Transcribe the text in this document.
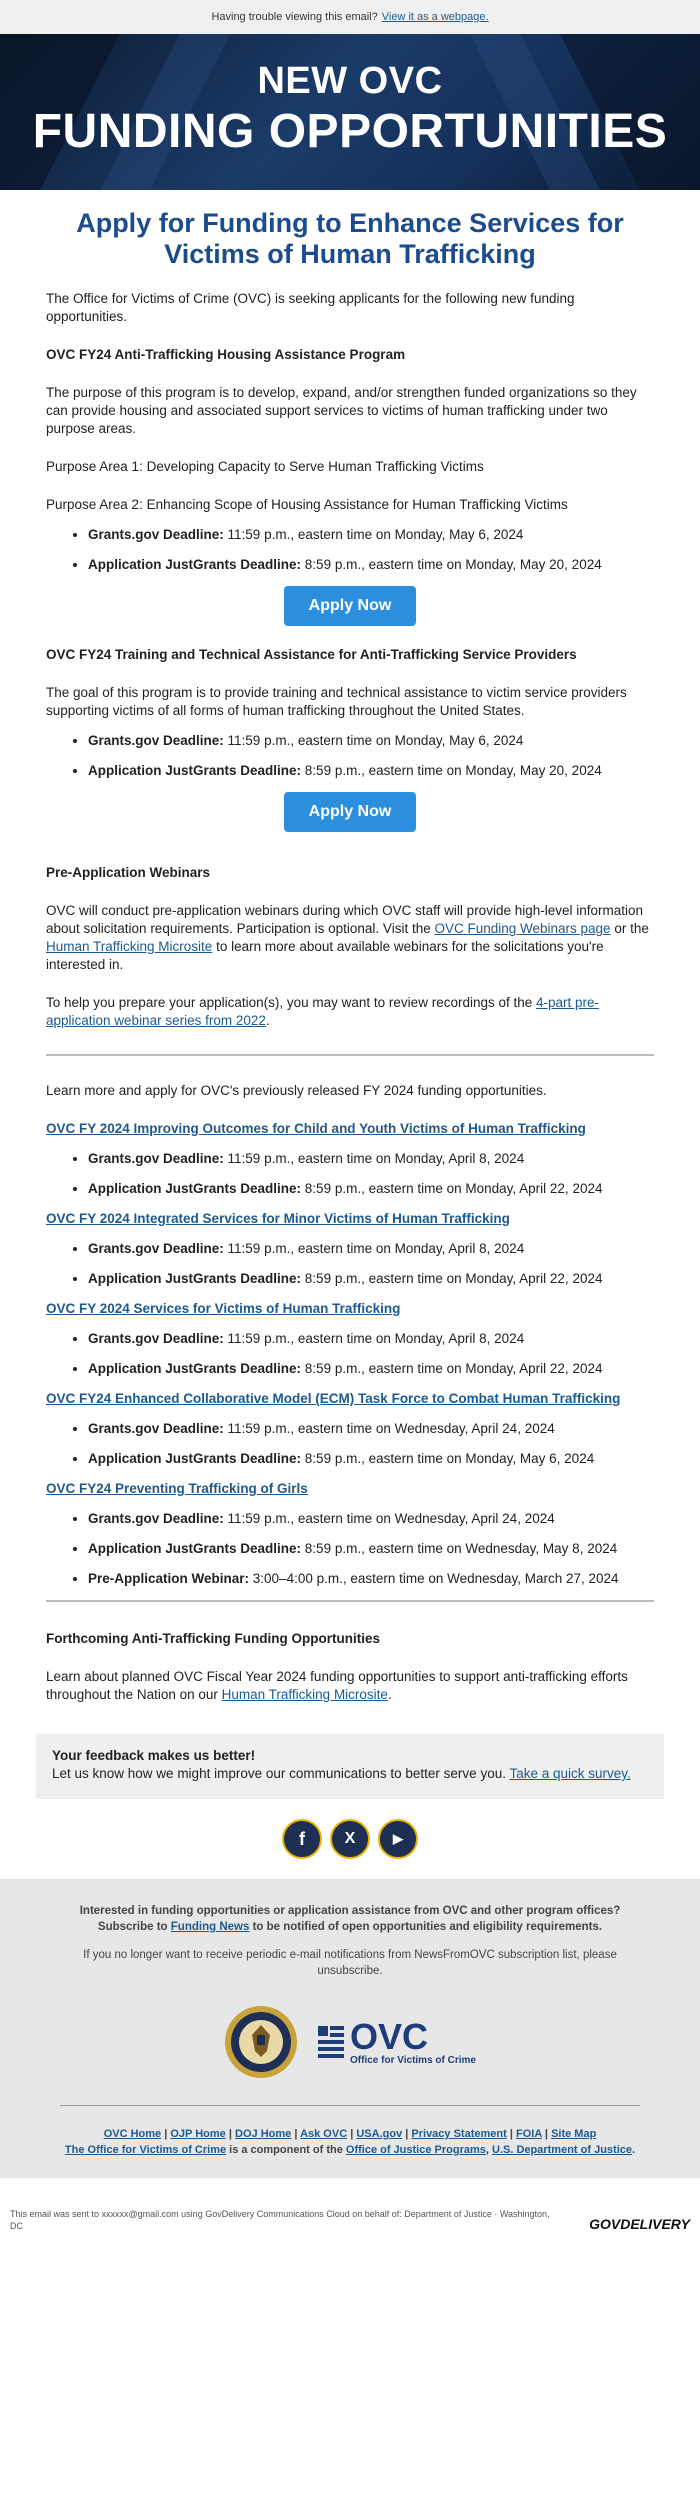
Having trouble viewing this email? View it as a webpage.
NEW OVC
FUNDING OPPORTUNITIES
Apply for Funding to Enhance Services for Victims of Human Trafficking

The Office for Victims of Crime (OVC) is seeking applicants for the following new funding opportunities.

OVC FY24 Anti-Trafficking Housing Assistance Program

The purpose of this program is to develop, expand, and/or strengthen funded organizations so they can provide housing and associated support services to victims of human trafficking under two purpose areas.

Purpose Area 1: Developing Capacity to Serve Human Trafficking Victims

Purpose Area 2: Enhancing Scope of Housing Assistance for Human Trafficking Victims

• Grants.gov Deadline: 11:59 p.m., eastern time on Monday, May 6, 2024
• Application JustGrants Deadline: 8:59 p.m., eastern time on Monday, May 20, 2024
Apply Now

OVC FY24 Training and Technical Assistance for Anti-Trafficking Service Providers

The goal of this program is to provide training and technical assistance to victim service providers supporting victims of all forms of human trafficking throughout the United States.

• Grants.gov Deadline: 11:59 p.m., eastern time on Monday, May 6, 2024
• Application JustGrants Deadline: 8:59 p.m., eastern time on Monday, May 20, 2024
Apply Now

Pre-Application Webinars

OVC will conduct pre-application webinars during which OVC staff will provide high-level information about solicitation requirements. Participation is optional. Visit the OVC Funding Webinars page or the Human Trafficking Microsite to learn more about available webinars for the solicitations you're interested in.

To help you prepare your application(s), you may want to review recordings of the 4-part pre-application webinar series from 2022.

Learn more and apply for OVC's previously released FY 2024 funding opportunities.

OVC FY 2024 Improving Outcomes for Child and Youth Victims of Human Trafficking

• Grants.gov Deadline: 11:59 p.m., eastern time on Monday, April 8, 2024
• Application JustGrants Deadline: 8:59 p.m., eastern time on Monday, April 22, 2024

OVC FY 2024 Integrated Services for Minor Victims of Human Trafficking

• Grants.gov Deadline: 11:59 p.m., eastern time on Monday, April 8, 2024
• Application JustGrants Deadline: 8:59 p.m., eastern time on Monday, April 22, 2024

OVC FY 2024 Services for Victims of Human Trafficking

• Grants.gov Deadline: 11:59 p.m., eastern time on Monday, April 8, 2024
• Application JustGrants Deadline: 8:59 p.m., eastern time on Monday, April 22, 2024

OVC FY24 Enhanced Collaborative Model (ECM) Task Force to Combat Human Trafficking

• Grants.gov Deadline: 11:59 p.m., eastern time on Wednesday, April 24, 2024
• Application JustGrants Deadline: 8:59 p.m., eastern time on Monday, May 6, 2024

OVC FY24 Preventing Trafficking of Girls

• Grants.gov Deadline: 11:59 p.m., eastern time on Wednesday, April 24, 2024
• Application JustGrants Deadline: 8:59 p.m., eastern time on Wednesday, May 8, 2024
• Pre-Application Webinar: 3:00–4:00 p.m., eastern time on Wednesday, March 27, 2024

Forthcoming Anti-Trafficking Funding Opportunities

Learn about planned OVC Fiscal Year 2024 funding opportunities to support anti-trafficking efforts throughout the Nation on our Human Trafficking Microsite.

Your feedback makes us better!

Let us know how we might improve our communications to better serve you. Take a quick survey.

f X	▶

Interested in funding opportunities or application assistance from OVC and other program offices?
Subscribe to Funding News to be notified of open opportunities and eligibility requirements.

If you no longer want to receive periodic e-mail notifications from NewsFromOVC subscription list, please unsubscribe.

OVC
Office for Victims of Crime

OVC Home | OJP Home | DOJ Home | Ask OVC | USA.gov | Privacy Statement | FOIA | Site Map

The Office for Victims of Crime is a component of the Office of Justice Programs, U.S. Department of Justice.

This email was sent to xxxxxx@gmail.com using GovDelivery Communications Cloud on behalf of: Department of Justice · Washington, DC	GOVDELIVERY
